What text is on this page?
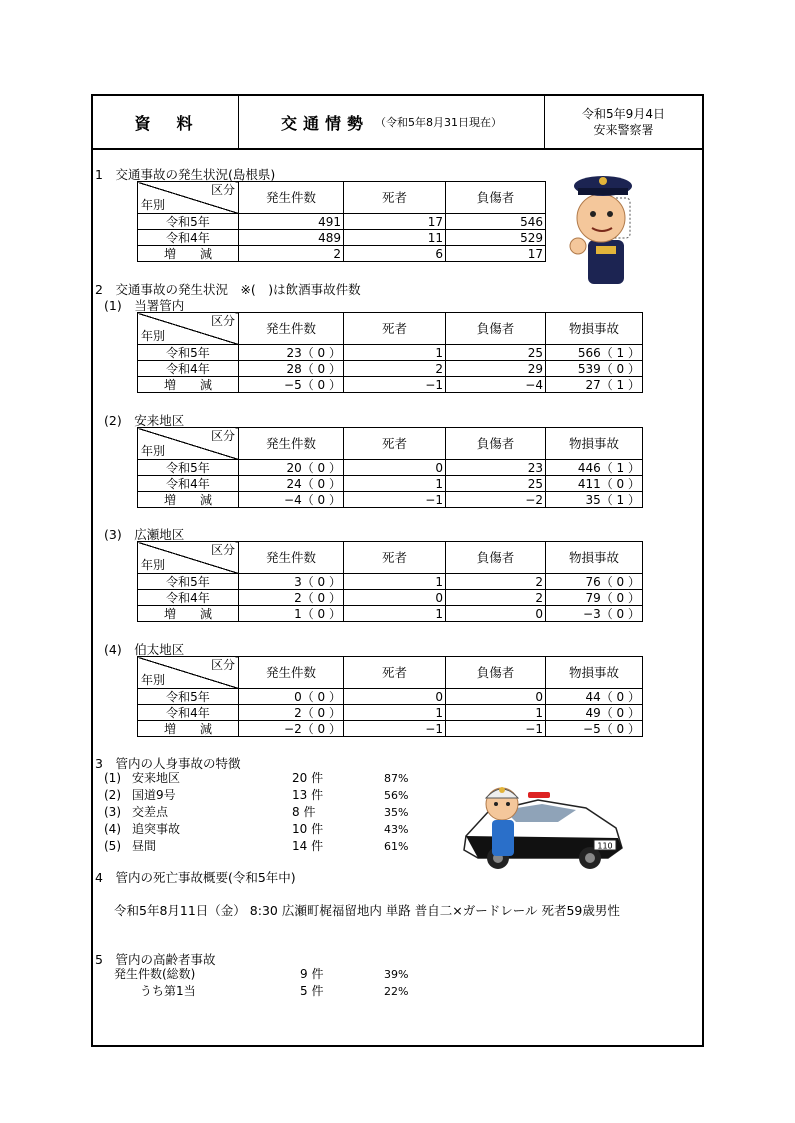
資料	交通情勢 （令和5年8月31日現在）
令和5年9月4日
安来警察署
1　交通事故の発生状況(島根県)
区分
年別	発生件数	死者	負傷者
令和5年	491	17	546
令和4年	489	11	529
増　　減	2	6	17
2　交通事故の発生状況　※(　)は飲酒事故件数
(1)　当署管内
区分
年別	発生件数	死者	負傷者	物損事故
令和5年	23（ 0 ）	1	25	566（ 1 ）
令和4年	28（ 0 ）	2	29	539（ 0 ）
増　　減	−5（ 0 ）	−1	−4	27（ 1 ）
(2)　安来地区
区分
年別	発生件数	死者	負傷者	物損事故
令和5年	20（ 0 ）	0	23	446（ 1 ）
令和4年	24（ 0 ）	1	25	411（ 0 ）
増　　減	−4（ 0 ）	−1	−2	35（ 1 ）
(3)　広瀬地区
区分
年別	発生件数	死者	負傷者	物損事故
令和5年	3（ 0 ）	1	2	76（ 0 ）
令和4年	2（ 0 ）	0	2	79（ 0 ）
増　　減	1（ 0 ）	1	0	−3（ 0 ）
(4)　伯太地区
区分
年別	発生件数	死者	負傷者	物損事故
令和5年	0（ 0 ）	0	0	44（ 0 ）
令和4年	2（ 0 ）	1	1	49（ 0 ）
増　　減	−2（ 0 ）	−1	−1	−5（ 0 ）
3　管内の人身事故の特徴
(1) 安来地区	20 件	87%
(2) 国道9号	13 件	56%
(3) 交差点	8 件	35%
(4) 追突事故	10 件	43%
(5) 昼間	14 件	61%	110
4　管内の死亡事故概要(令和5年中)
令和5年8月11日（金） 8:30 広瀬町梶福留地内 単路 普自二×ガードレール 死者59歳男性
5　管内の高齢者事故
発生件数(総数)	9 件	39%
うち第1当	5 件	22%
